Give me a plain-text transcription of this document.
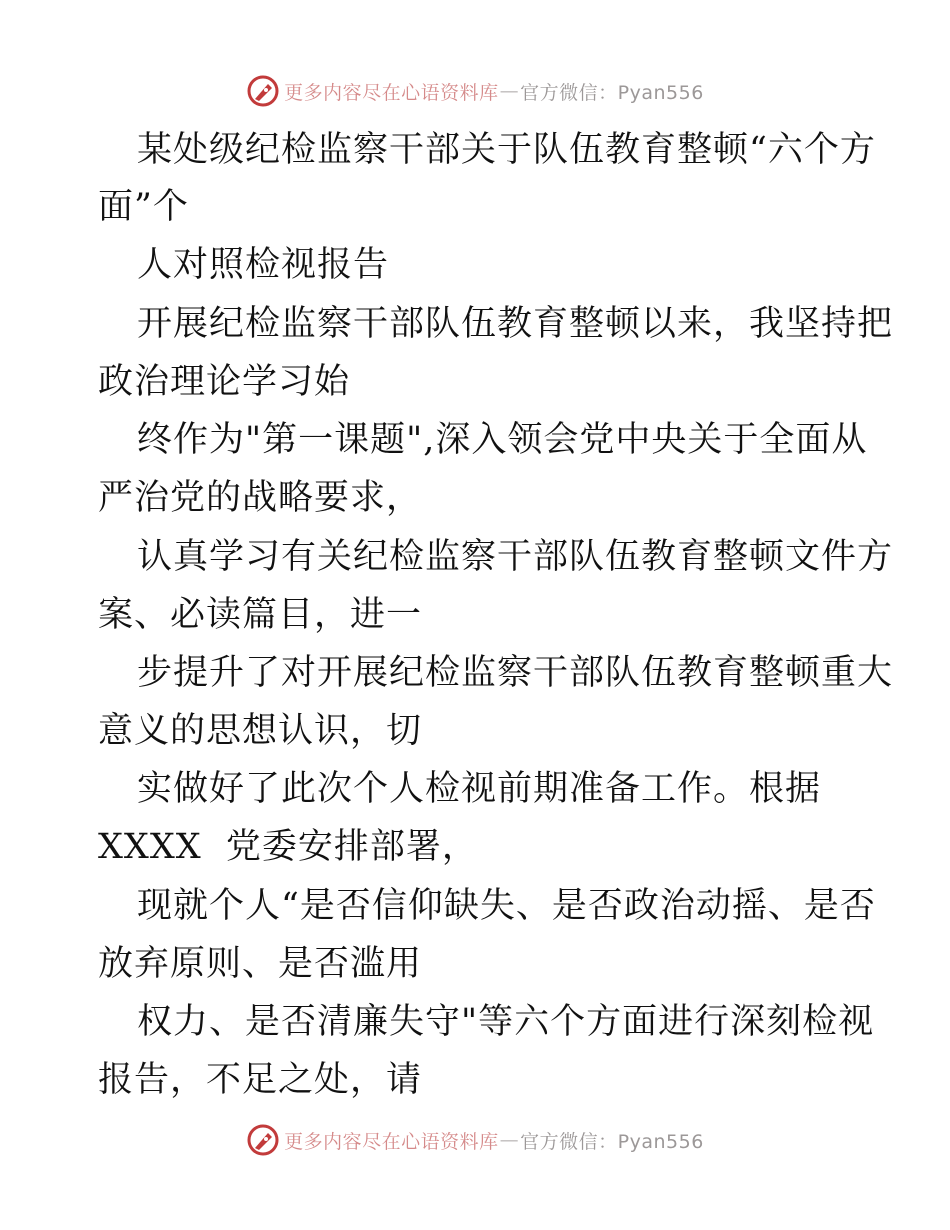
更多内容尽在心语资料库 — 官方微信：Pyan556
某处级纪检监察干部关于队伍教育整顿“六个方
面”个
人对照检视报告
开展纪检监察干部队伍教育整顿以来，我坚持把
政治理论学习始
终作为"第一课题",深入领会党中央关于全面从
严治党的战略要求，
认真学习有关纪检监察干部队伍教育整顿文件方
案、必读篇目，进一
步提升了对开展纪检监察干部队伍教育整顿重大
意义的思想认识，切
实做好了此次个人检视前期准备工作。根据
XXXX  党委安排部署，
现就个人“是否信仰缺失、是否政治动摇、是否
放弃原则、是否滥用
权力、是否清廉失守"等六个方面进行深刻检视
报告，不足之处，请
更多内容尽在心语资料库 — 官方微信：Pyan556
